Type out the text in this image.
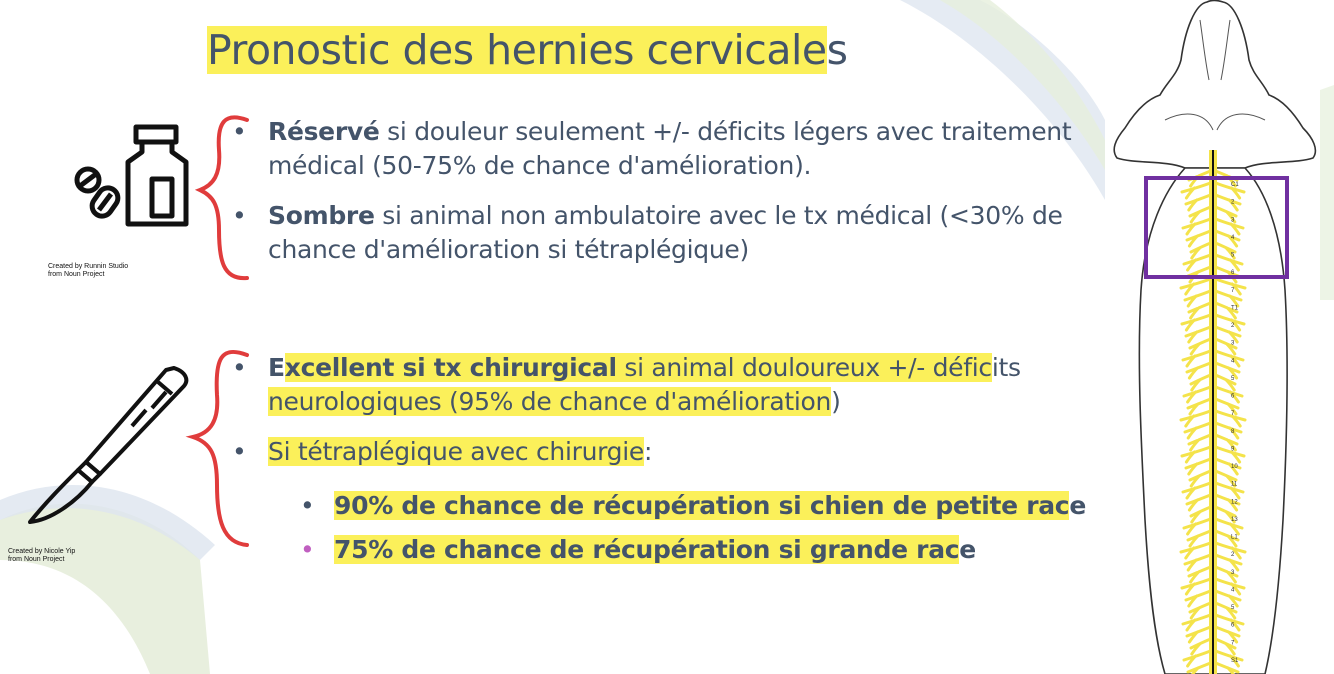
Pronostic des hernies cervicales
Created by Runnin Studio
from Noun Project
Created by Nicole Yip
from Noun Project
• Réservé si douleur seulement +/- déficits légers avec traitement médical (50-75% de chance d'amélioration).
• Sombre si animal non ambulatoire avec le tx médical (<30% de chance d'amélioration si tétraplégique)
• Excellent si tx chirurgical si animal douloureux +/- déficits
neurologiques (95% de chance d'amélioration)
• Si tétraplégique avec chirurgie:
• 90% de chance de récupération si chien de petite race
• 75% de chance de récupération si grande race
C1
2
3
4
5
6
7
T1
2
3
4
5
6
7
8
9
10
11
12
13
L1
2
3
4
5
6
7
S1
